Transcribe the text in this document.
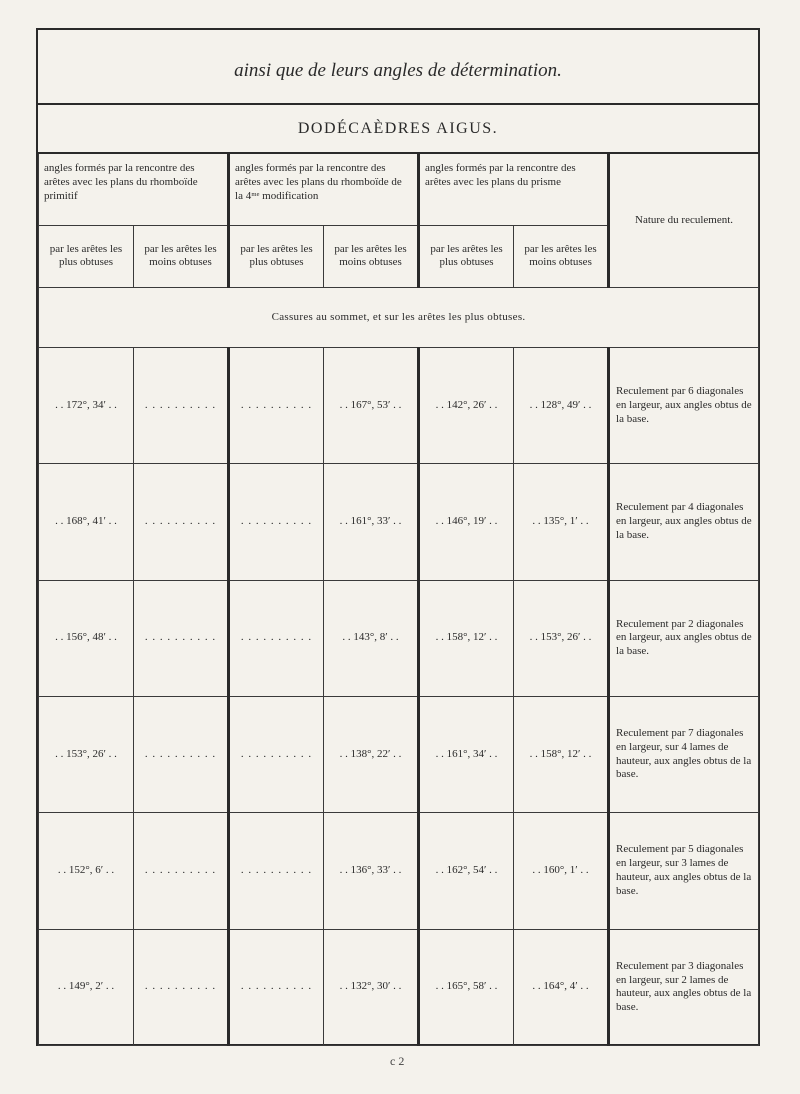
ainsi que de leurs angles de détermination.
DODÉCAÈDRES AIGUS.
angles formés par la rencontre des arêtes avec les plans du rhomboïde primitif		angles formés par la rencontre des arêtes avec les plans du rhomboïde de la 4ᵐᵉ modification		angles formés par la rencontre des arêtes avec les plans du prisme		Nature du reculement.
par les arêtes les plus obtuses	par les arêtes les moins obtuses	par les arêtes les plus obtuses	par les arêtes les moins obtuses	par les arêtes les plus obtuses	par les arêtes les moins obtuses	
Cassures au sommet, et sur les arêtes les plus obtuses.						
. . 172°, 34′ . .	. . . . . . . . . .	. . . . . . . . . .	. . 167°, 53′ . .	. . 142°, 26′ . .	. . 128°, 49′ . .	Reculement par 6 diagonales en largeur, aux angles obtus de la base.
. . 168°, 41′ . .	. . . . . . . . . .	. . . . . . . . . .	. . 161°, 33′ . .	. . 146°, 19′ . .	. . 135°, 1′ . .	Reculement par 4 diagonales en largeur, aux angles obtus de la base.
. . 156°, 48′ . .	. . . . . . . . . .	. . . . . . . . . .	. . 143°, 8′ . .	. . 158°, 12′ . .	. . 153°, 26′ . .	Reculement par 2 diagonales en largeur, aux angles obtus de la base.
. . 153°, 26′ . .	. . . . . . . . . .	. . . . . . . . . .	. . 138°, 22′ . .	. . 161°, 34′ . .	. . 158°, 12′ . .	Reculement par 7 diagonales en largeur, sur 4 lames de hauteur, aux angles obtus de la base.
. . 152°, 6′ . .	. . . . . . . . . .	. . . . . . . . . .	. . 136°, 33′ . .	. . 162°, 54′ . .	. . 160°, 1′ . .	Reculement par 5 diagonales en largeur, sur 3 lames de hauteur, aux angles obtus de la base.
. . 149°, 2′ . .	. . . . . . . . . .	. . . . . . . . . .	. . 132°, 30′ . .	. . 165°, 58′ . .	. . 164°, 4′ . .	Reculement par 3 diagonales en largeur, sur 2 lames de hauteur, aux angles obtus de la base.
c 2
